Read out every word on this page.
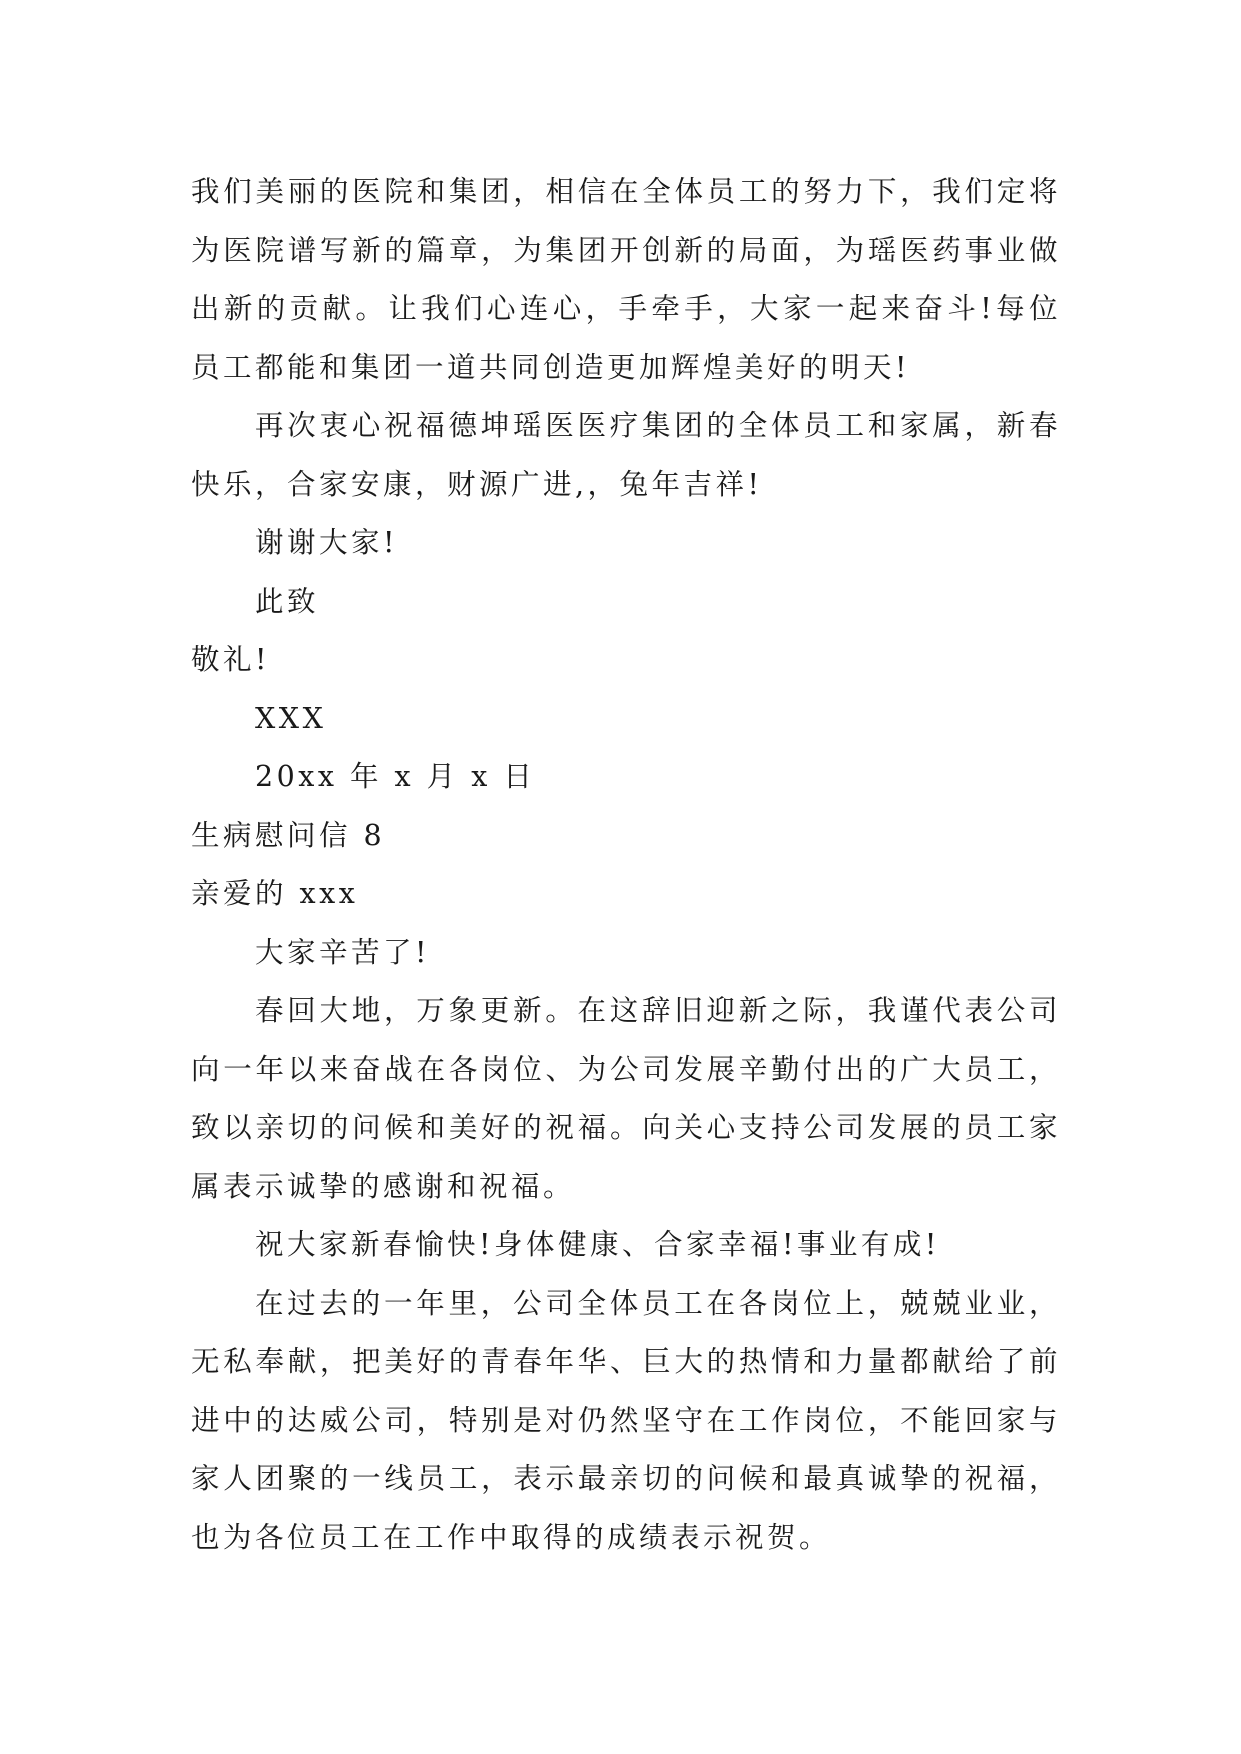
我们美丽的医院和集团，相信在全体员工的努力下，我们定将为医院谱写新的篇章，为集团开创新的局面，为瑶医药事业做出新的贡献。让我们心连心，手牵手，大家一起来奋斗!每位员工都能和集团一道共同创造更加辉煌美好的明天!

再次衷心祝福德坤瑶医医疗集团的全体员工和家属，新春快乐，合家安康，财源广进,，兔年吉祥!

谢谢大家!

此致

敬礼!

XXX

20xx 年 x 月 x 日

生病慰问信 8

亲爱的 xxx

大家辛苦了!

春回大地，万象更新。在这辞旧迎新之际，我谨代表公司向一年以来奋战在各岗位、为公司发展辛勤付出的广大员工，致以亲切的问候和美好的祝福。向关心支持公司发展的员工家属表示诚挚的感谢和祝福。

祝大家新春愉快!身体健康、合家幸福!事业有成!

在过去的一年里，公司全体员工在各岗位上，兢兢业业，无私奉献，把美好的青春年华、巨大的热情和力量都献给了前进中的达威公司，特别是对仍然坚守在工作岗位，不能回家与家人团聚的一线员工，表示最亲切的问候和最真诚挚的祝福，也为各位员工在工作中取得的成绩表示祝贺。
